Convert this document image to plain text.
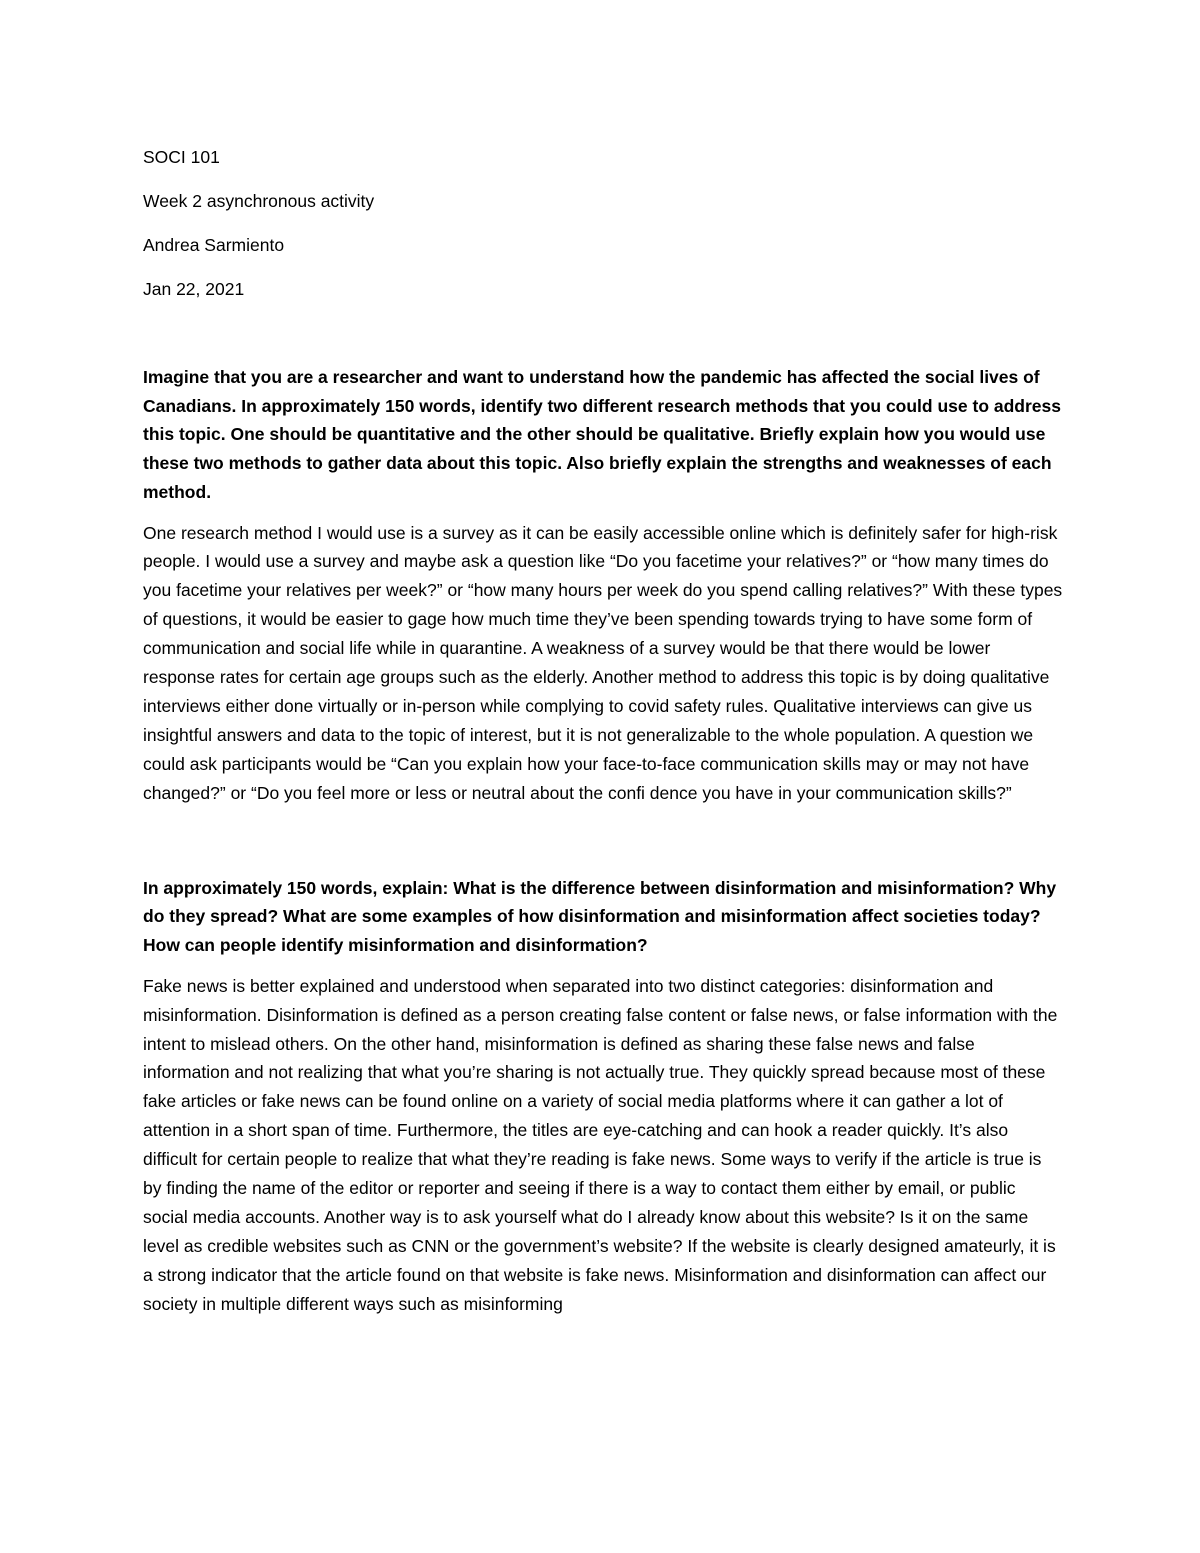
SOCI 101

Week 2 asynchronous activity

Andrea Sarmiento

Jan 22, 2021

Imagine that you are a researcher and want to understand how the pandemic has affected the social lives of Canadians. In approximately 150 words, identify two different research methods that you could use to address this topic. One should be quantitative and the other should be qualitative. Briefly explain how you would use these two methods to gather data about this topic. Also briefly explain the strengths and weaknesses of each method.

One research method I would use is a survey as it can be easily accessible online which is definitely safer for high-risk people. I would use a survey and maybe ask a question like “Do you facetime your relatives?” or “how many times do you facetime your relatives per week?” or “how many hours per week do you spend calling relatives?” With these types of questions, it would be easier to gage how much time they’ve been spending towards trying to have some form of communication and social life while in quarantine. A weakness of a survey would be that there would be lower response rates for certain age groups such as the elderly. Another method to address this topic is by doing qualitative interviews either done virtually or in-person while complying to covid safety rules. Qualitative interviews can give us insightful answers and data to the topic of interest, but it is not generalizable to the whole population. A question we could ask participants would be “Can you explain how your face-to-face communication skills may or may not have changed?” or “Do you feel more or less or neutral about the confi dence you have in your communication skills?”

In approximately 150 words, explain: What is the difference between disinformation and misinformation? Why do they spread? What are some examples of how disinformation and misinformation affect societies today? How can people identify misinformation and disinformation?

Fake news is better explained and understood when separated into two distinct categories: disinformation and misinformation. Disinformation is defined as a person creating false content or false news, or false information with the intent to mislead others. On the other hand, misinformation is defined as sharing these false news and false information and not realizing that what you’re sharing is not actually true. They quickly spread because most of these fake articles or fake news can be found online on a variety of social media platforms where it can gather a lot of attention in a short span of time. Furthermore, the titles are eye-catching and can hook a reader quickly. It’s also difficult for certain people to realize that what they’re reading is fake news. Some ways to verify if the article is true is by finding the name of the editor or reporter and seeing if there is a way to contact them either by email, or public social media accounts. Another way is to ask yourself what do I already know about this website? Is it on the same level as credible websites such as CNN or the government’s website? If the website is clearly designed amateurly, it is a strong indicator that the article found on that website is fake news. Misinformation and disinformation can affect our society in multiple different ways such as misinforming
